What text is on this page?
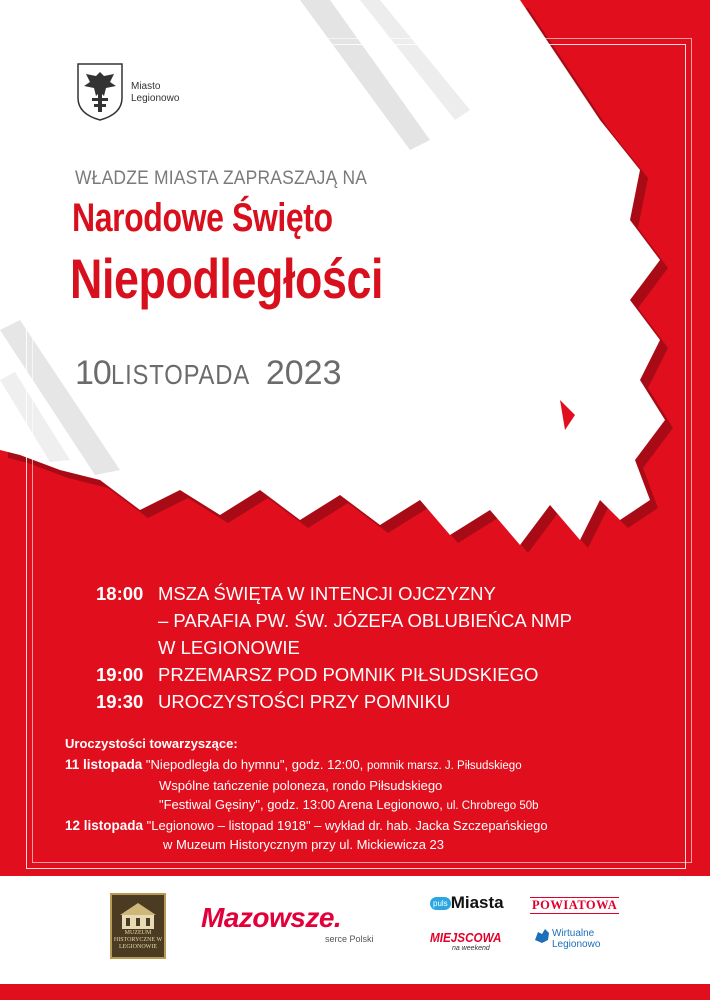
Miasto
Legionowo
WŁADZE MIASTA ZAPRASZAJĄ NA
Narodowe Święto
Niepodległości
10LISTOPADA 2023
18:00 MSZA ŚWIĘTA W INTENCJI OJCZYZNY
– PARAFIA PW. ŚW. JÓZEFA OBLUBIEŃCA NMP
W LEGIONOWIE
19:00 PRZEMARSZ POD POMNIK PIŁSUDSKIEGO
19:30 UROCZYSTOŚCI PRZY POMNIKU
Uroczystości towarzyszące:
11 listopada "Niepodległa do hymnu", godz. 12:00, pomnik marsz. J. Piłsudskiego
Wspólne tańczenie poloneza, rondo Piłsudskiego
"Festiwal Gęsiny", godz. 13:00 Arena Legionowo, ul. Chrobrego 50b
12 listopada "Legionowo – listopad 1918" – wykład dr. hab. Jacka Szczepańskiego
w Muzeum Historycznym przy ul. Mickiewicza 23
MUZEUM HISTORYCZNE W LEGIONOWIE
Mazowsze.
serce Polski
puls Miasta
MIEJSCOWA
na weekend
POWIATOWA
Wirtualne
Legionowo
